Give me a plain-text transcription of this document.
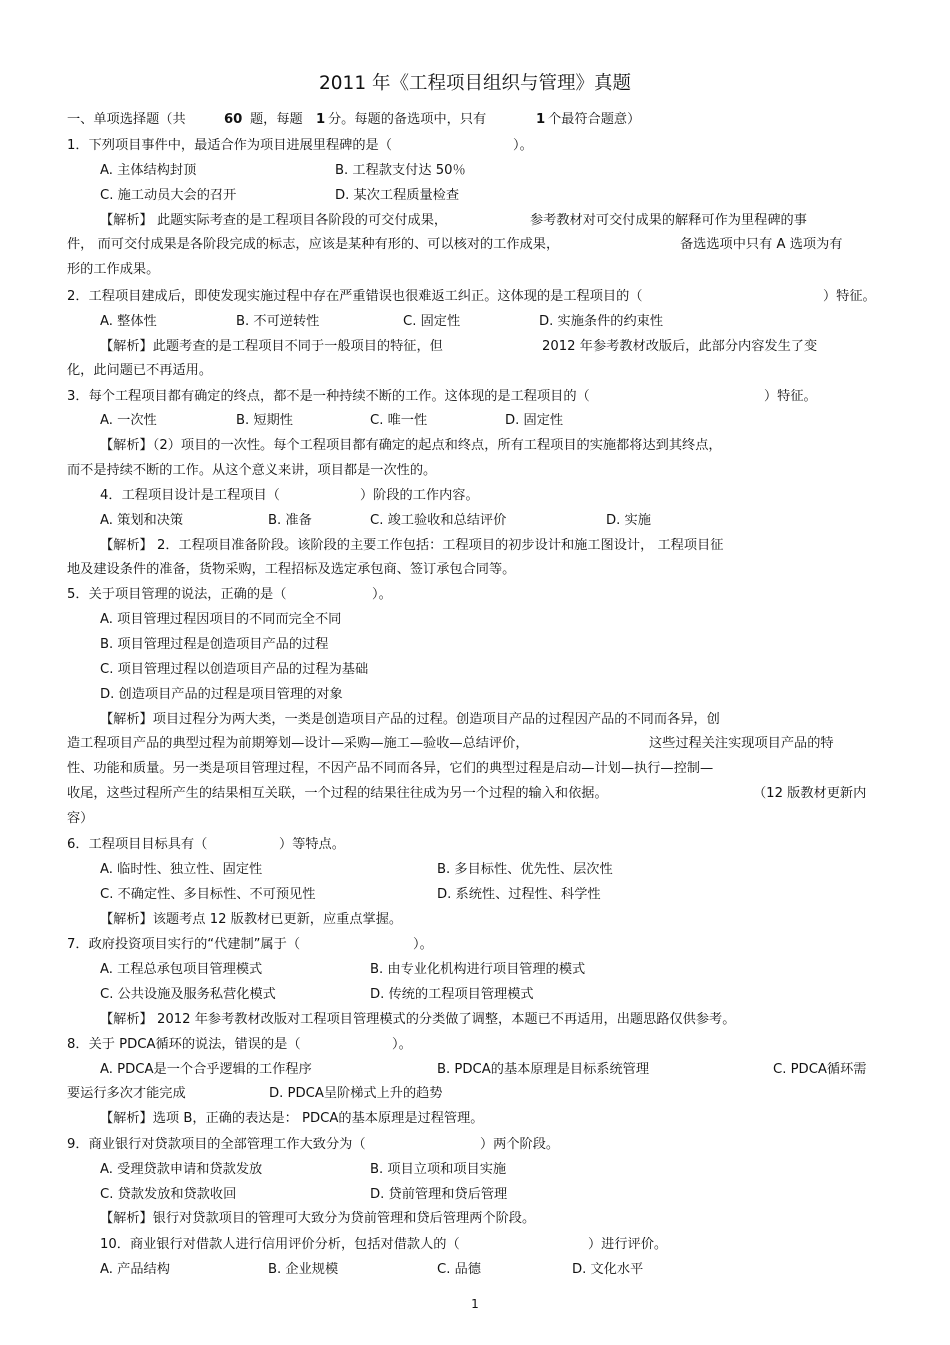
2011 年《工程项目组织与管理》真题
一、单项选择题（共	60 题，每题 1 分。每题的备选项中，只有	1 个最符合题意）
1．下列项目事件中，最适合作为项目进展里程碑的是（	）。
A. 主体结构封顶	B. 工程款支付达 50％
C. 施工动员大会的召开	D. 某次工程质量检查
【解析】 此题实际考查的是工程项目各阶段的可交付成果，	参考教材对可交付成果的解释可作为里程碑的事
件， 而可交付成果是各阶段完成的标志，应该是某种有形的、可以核对的工作成果，	备选选项中只有 A 选项为有
形的工作成果。
2．工程项目建成后，即使发现实施过程中存在严重错误也很难返工纠正。这体现的是工程项目的（	）特征。
A. 整体性	B. 不可逆转性	C. 固定性	D. 实施条件的约束性
【解析】此题考查的是工程项目不同于一般项目的特征，但	2012 年参考教材改版后，此部分内容发生了变
化，此问题已不再适用。
3．每个工程项目都有确定的终点，都不是一种持续不断的工作。这体现的是工程项目的（	）特征。
A. 一次性	B. 短期性	C. 唯一性	D. 固定性
【解析】（2）项目的一次性。每个工程项目都有确定的起点和终点，所有工程项目的实施都将达到其终点，
而不是持续不断的工作。从这个意义来讲，项目都是一次性的。
4．工程项目设计是工程项目（	）阶段的工作内容。
A. 策划和决策	B. 准备	C. 竣工验收和总结评价	D. 实施
【解析】 2．工程项目准备阶段。该阶段的主要工作包括：工程项目的初步设计和施工图设计， 工程项目征
地及建设条件的准备，货物采购，工程招标及选定承包商、签订承包合同等。
5．关于项目管理的说法，正确的是（	）。
A. 项目管理过程因项目的不同而完全不同
B. 项目管理过程是创造项目产品的过程
C. 项目管理过程以创造项目产品的过程为基础
D. 创造项目产品的过程是项目管理的对象
【解析】项目过程分为两大类，一类是创造项目产品的过程。创造项目产品的过程因产品的不同而各异，创
造工程项目产品的典型过程为前期筹划—设计—采购—施工—验收—总结评价，	这些过程关注实现项目产品的特
性、功能和质量。另一类是项目管理过程，不因产品不同而各异，它们的典型过程是启动—计划—执行—控制—
收尾，这些过程所产生的结果相互关联，一个过程的结果往往成为另一个过程的输入和依据。	（12 版教材更新内
容）
6．工程项目目标具有（	）等特点。
A. 临时性、独立性、固定性	B. 多目标性、优先性、层次性
C. 不确定性、多目标性、不可预见性	D. 系统性、过程性、科学性
【解析】该题考点 12 版教材已更新，应重点掌握。
7．政府投资项目实行的“代建制”属于（	）。
A. 工程总承包项目管理模式	B. 由专业化机构进行项目管理的模式
C. 公共设施及服务私营化模式	D. 传统的工程项目管理模式
【解析】 2012 年参考教材改版对工程项目管理模式的分类做了调整，本题已不再适用，出题思路仅供参考。
8．关于 PDCA循环的说法，错误的是（	）。
A. PDCA是一个合乎逻辑的工作程序	B. PDCA的基本原理是目标系统管理	C. PDCA循环需
要运行多次才能完成	D. PDCA呈阶梯式上升的趋势
【解析】选项 B，正确的表达是： PDCA的基本原理是过程管理。
9．商业银行对贷款项目的全部管理工作大致分为（	）两个阶段。
A. 受理贷款申请和贷款发放	B. 项目立项和项目实施
C. 贷款发放和贷款收回	D. 贷前管理和贷后管理
【解析】银行对贷款项目的管理可大致分为贷前管理和贷后管理两个阶段。
10．商业银行对借款人进行信用评价分析，包括对借款人的（	）进行评价。
A. 产品结构	B. 企业规模	C. 品德	D. 文化水平
1
